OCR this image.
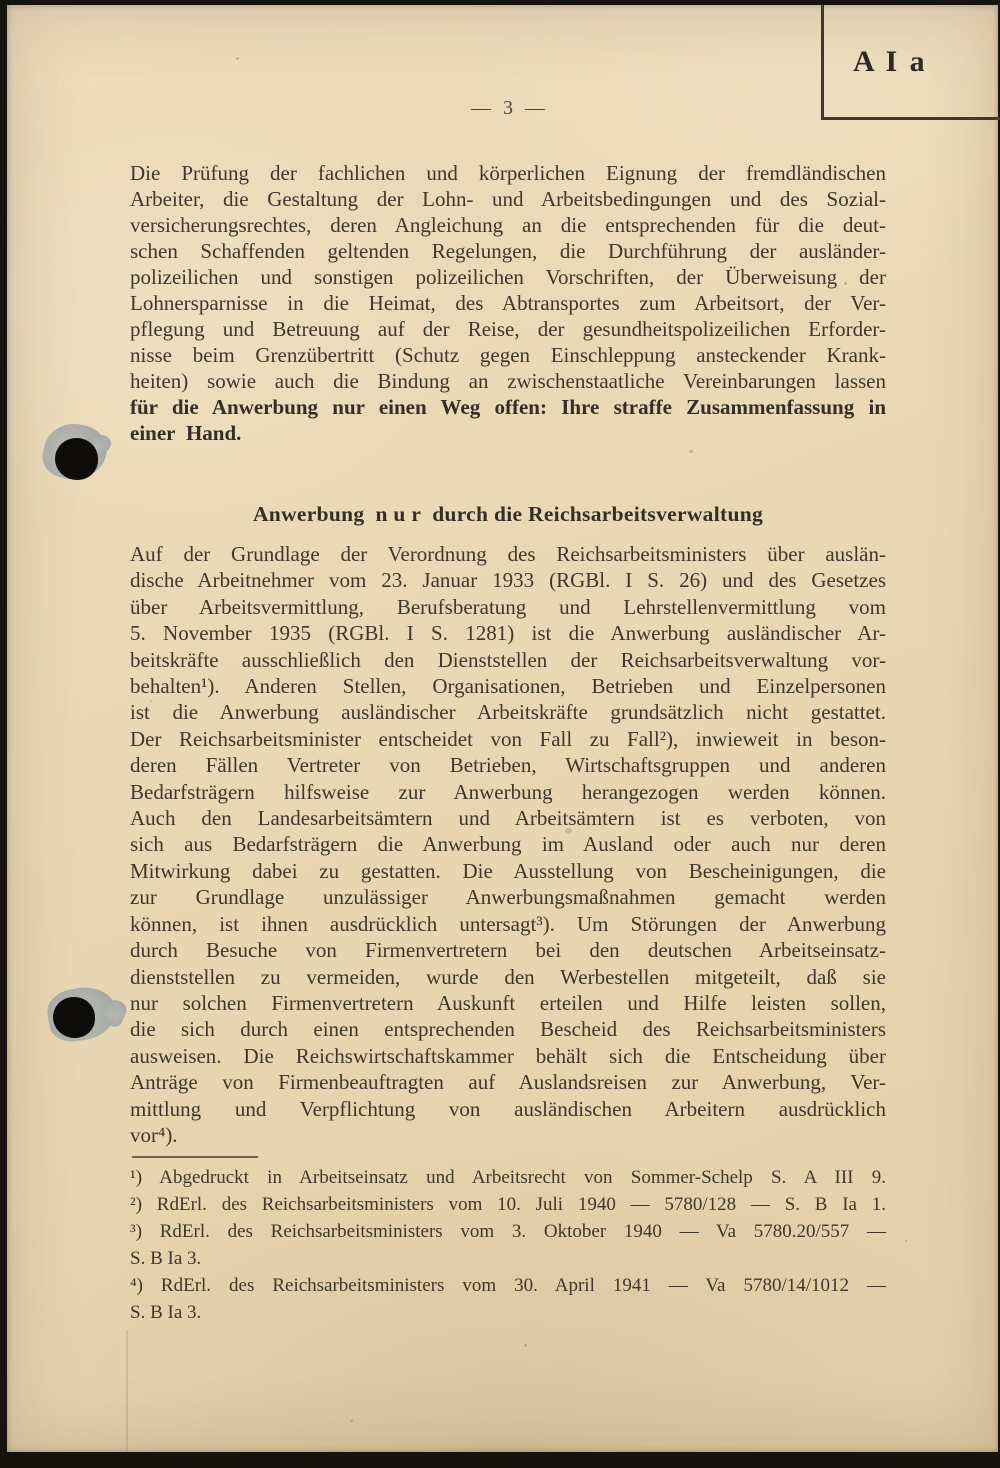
A I a
— 3 —
Die Prüfung der fachlichen und körperlichen Eignung der fremdländischen
Arbeiter, die Gestaltung der Lohn- und Arbeitsbedingungen und des Sozial-
versicherungsrechtes, deren Angleichung an die entsprechenden für die deut-
schen Schaffenden geltenden Regelungen, die Durchführung der ausländer-
polizeilichen und sonstigen polizeilichen Vorschriften, der Überweisung der
Lohnersparnisse in die Heimat, des Abtransportes zum Arbeitsort, der Ver-
pflegung und Betreuung auf der Reise, der gesundheitspolizeilichen Erforder-
nisse beim Grenzübertritt (Schutz gegen Einschleppung ansteckender Krank-
heiten) sowie auch die Bindung an zwischenstaatliche Vereinbarungen lassen
für die Anwerbung nur einen Weg offen: Ihre straffe Zusammenfassung in
einer Hand.
Anwerbung n u r durch die Reichsarbeitsverwaltung
Auf der Grundlage der Verordnung des Reichsarbeitsministers über auslän-
dische Arbeitnehmer vom 23. Januar 1933 (RGBl. I S. 26) und des Gesetzes
über Arbeitsvermittlung, Berufsberatung und Lehrstellenvermittlung vom
5. November 1935 (RGBl. I S. 1281) ist die Anwerbung ausländischer Ar-
beitskräfte ausschließlich den Dienststellen der Reichsarbeitsverwaltung vor-
behalten¹). Anderen Stellen, Organisationen, Betrieben und Einzelpersonen
ist die Anwerbung ausländischer Arbeitskräfte grundsätzlich nicht gestattet.
Der Reichsarbeitsminister entscheidet von Fall zu Fall²), inwieweit in beson-
deren Fällen Vertreter von Betrieben, Wirtschaftsgruppen und anderen
Bedarfsträgern hilfsweise zur Anwerbung herangezogen werden können.
Auch den Landesarbeitsämtern und Arbeitsämtern ist es verboten, von
sich aus Bedarfsträgern die Anwerbung im Ausland oder auch nur deren
Mitwirkung dabei zu gestatten. Die Ausstellung von Bescheinigungen, die
zur Grundlage unzulässiger Anwerbungsmaßnahmen gemacht werden
können, ist ihnen ausdrücklich untersagt³). Um Störungen der Anwerbung
durch Besuche von Firmenvertretern bei den deutschen Arbeitseinsatz-
dienststellen zu vermeiden, wurde den Werbestellen mitgeteilt, daß sie
nur solchen Firmenvertretern Auskunft erteilen und Hilfe leisten sollen,
die sich durch einen entsprechenden Bescheid des Reichsarbeitsministers
ausweisen. Die Reichswirtschaftskammer behält sich die Entscheidung über
Anträge von Firmenbeauftragten auf Auslandsreisen zur Anwerbung, Ver-
mittlung und Verpflichtung von ausländischen Arbeitern ausdrücklich
vor⁴).
¹) Abgedruckt in Arbeitseinsatz und Arbeitsrecht von Sommer-Schelp S. A III 9.
²) RdErl. des Reichsarbeitsministers vom 10. Juli 1940 — 5780/128 — S. B Ia 1.
³) RdErl. des Reichsarbeitsministers vom 3. Oktober 1940 — Va 5780.20/557 —
S. B Ia 3.
⁴) RdErl. des Reichsarbeitsministers vom 30. April 1941 — Va 5780/14/1012 —
S. B Ia 3.
